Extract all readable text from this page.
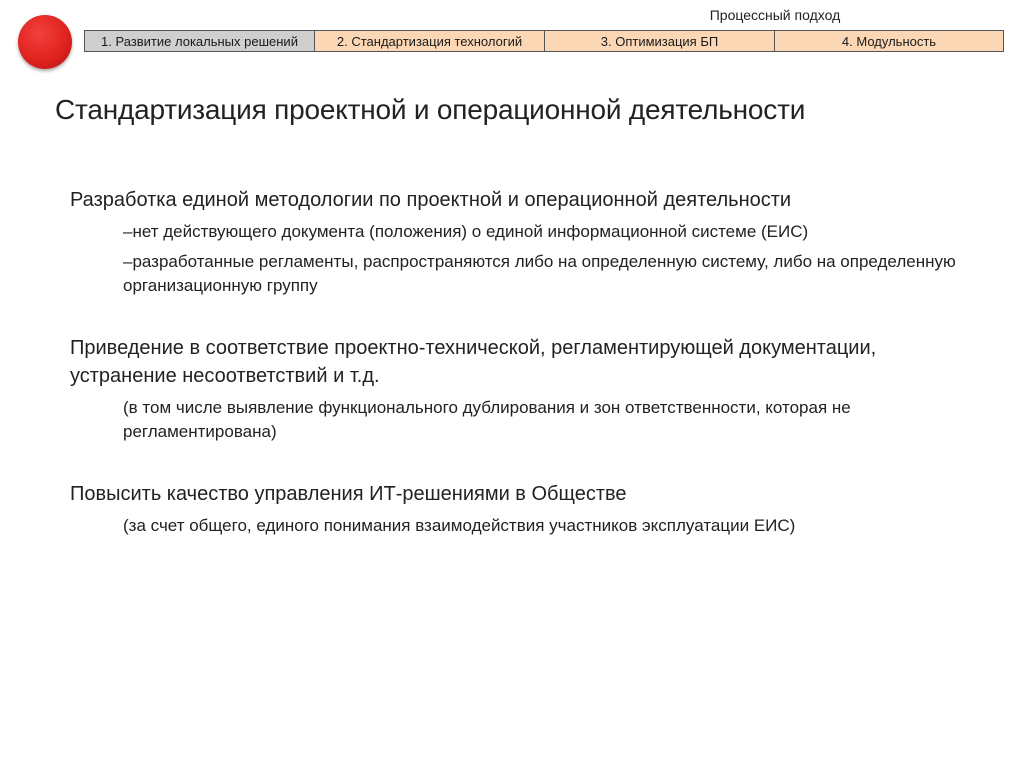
Процессный подход
1. Развитие локальных решений	2. Стандартизация технологий	3. Оптимизация БП	4. Модульность
Стандартизация проектной и операционной деятельности
Разработка единой методологии по проектной и операционной деятельности
–нет действующего документа (положения) о единой информационной системе (ЕИС)
–разработанные регламенты, распространяются либо на определенную систему, либо на определенную организационную группу
Приведение в соответствие проектно-технической, регламентирующей документации, устранение несоответствий и т.д.
(в том числе выявление функционального дублирования и зон ответственности, которая не регламентирована)
Повысить качество управления ИТ-решениями в Обществе
(за счет общего, единого понимания взаимодействия участников эксплуатации ЕИС)
